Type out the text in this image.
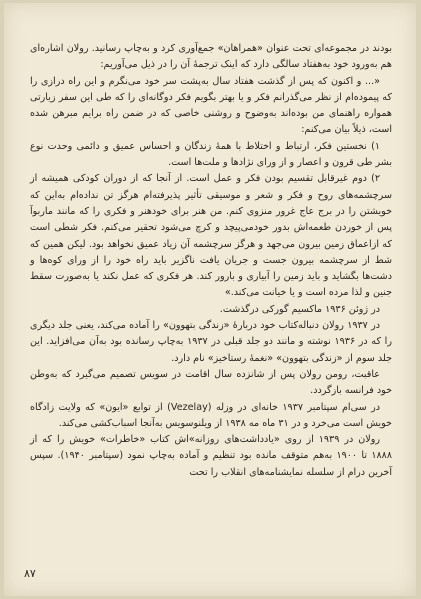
بودند در مجموعه‌ای تحت عنوان «همراهان» جمع‌آوری کرد و به‌چاپ رسانید. رولان اشاره‌ای هم به‌ورود خود به‌هفتاد سالگی دارد که اینک ترجمهٔ آن را در ذیل می‌آوریم:

«... و اکنون که پس از گذشت هفتاد سال به‌پشت سر خود می‌نگرم و این راه درازی را که پیموده‌ام از نظر می‌گذرانم فکر و یا بهتر بگویم فکر دوگانه‌ای را که طی این سفر زیارتی همواره راهنمای من بوده‌اند به‌وضوح و روشنی خاصی که در ضمن راه برایم مبرهن شده است، ذیلاً بیان می‌کنم:

۱) نخستین فکر، ارتباط و اختلاط با همهٔ زندگان و احساس عمیق و دائمی وحدت نوع بشر طی قرون و اعصار و از ورای نژادها و ملت‌ها است.

۲) دوم غیرقابل تقسیم بودن فکر و عمل است. از آنجا که از دوران کودکی همیشه از سرچشمه‌های روح و فکر و شعر و موسیقی تأثیر پذیرفته‌ام هرگز تن نداده‌ام به‌این که خویشتن را در برج عاج غرور منزوی کنم. من هنر برای خودهنر و فکری را که مانند ماربوآ پس از خوردن طعمه‌اش بدور خودمی‌پیچد و کرچ می‌شود تحقیر می‌کنم. فکر شطی است که ازاعماق زمین بیرون می‌جهد و هرگز سرچشمه آن زیاد عمیق نخواهد بود. لیکن همین که شط از سرچشمه بیرون جست و جریان یافت ناگزیر باید راه خود را از ورای کوه‌ها و دشت‌ها بگشاید و باید زمین را آبیاری و بارور کند. هر فکری که عمل نکند یا به‌صورت سقط جنین و لذا مرده است و یا خیانت می‌کند.»

در ژوئن ۱۹۳۶ ماکسیم گورکی درگذشت.

در ۱۹۳۷ رولان دنباله‌کتاب خود دربارهٔ «زندگی بتهوون» را آماده می‌کند، یعنی جلد دیگری را که در ۱۹۳۶ نوشته و مانند دو جلد قبلی در ۱۹۳۷ به‌چاپ رسانده بود به‌آن می‌افزاید. این جلد سوم از «زندگی بتهوون» «نغمهٔ رستاخیز» نام دارد.

عاقبت، رومن رولان پس از شانزده سال اقامت در سویس تصمیم می‌گیرد که به‌وطن خود فرانسه بازگردد.

در سی‌ام سپتامبر ۱۹۳۷ خانه‌ای در وزله (Vezelay) از توابع «ایون» که ولایت زادگاه خویش است می‌خرد و در ۳۱ ماه مه ۱۹۳۸ از ویلنوسویس به‌آنجا اسباب‌کشی می‌کند.

رولان در ۱۹۳۹ از روی «یادداشت‌های روزانه»اش کتاب «خاطرات» خویش را که از ۱۸۸۸ تا ۱۹۰۰ به‌هم متوقف مانده بود تنظیم و آماده به‌چاپ نمود (سپتامبر ۱۹۴۰). سپس آخرین درام از سلسله نمایشنامه‌های انقلاب را تحت

۸۷
